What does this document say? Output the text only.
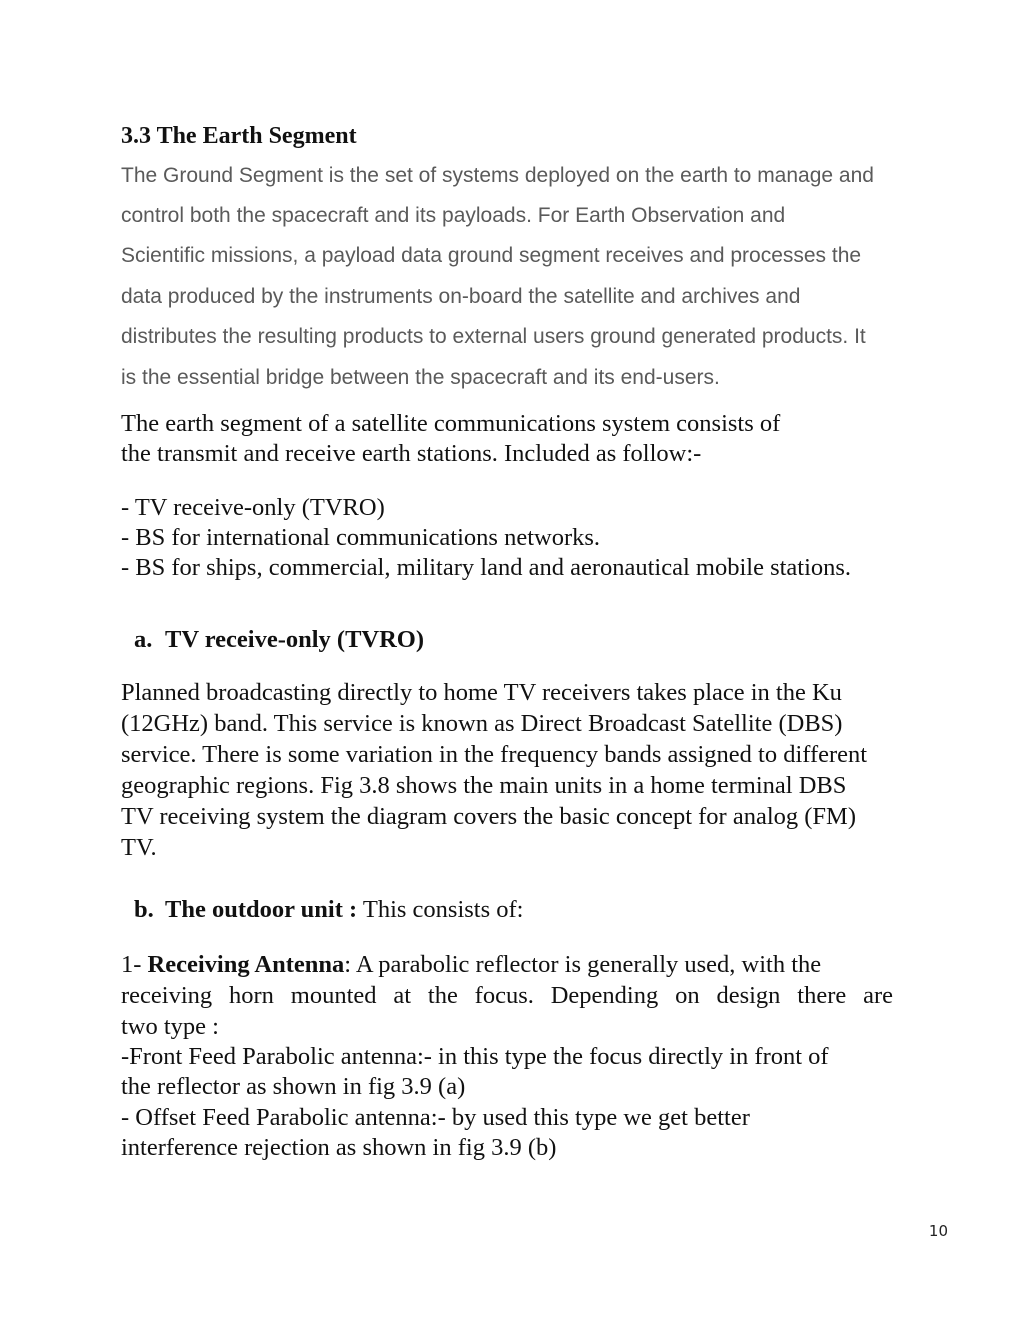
3.3 The Earth Segment
The Ground Segment is the set of systems deployed on the earth to manage and
control both the spacecraft and its payloads. For Earth Observation and
Scientific missions, a payload data ground segment receives and processes the
data produced by the instruments on-board the satellite and archives and
distributes the resulting products to external users ground generated products. It
is the essential bridge between the spacecraft and its end-users.
The earth segment of a satellite communications system consists of
the transmit and receive earth stations. Included as follow:-
- TV receive-only (TVRO)
- BS for international communications networks.
- BS for ships, commercial, military land and aeronautical mobile stations.
a. TV receive-only (TVRO)
Planned broadcasting directly to home TV receivers takes place in the Ku
(12GHz) band. This service is known as Direct Broadcast Satellite (DBS)
service. There is some variation in the frequency bands assigned to different
geographic regions. Fig 3.8 shows the main units in a home terminal DBS
TV receiving system the diagram covers the basic concept for analog (FM)
TV.
b. The outdoor unit : This consists of:
1- Receiving Antenna: A parabolic reflector is generally used, with the
receiving horn mounted at the focus. Depending on design there are
two type :
-Front Feed Parabolic antenna:- in this type the focus directly in front of
the reflector as shown in fig 3.9 (a)
- Offset Feed Parabolic antenna:- by used this type we get better
interference rejection as shown in fig 3.9 (b)
10
